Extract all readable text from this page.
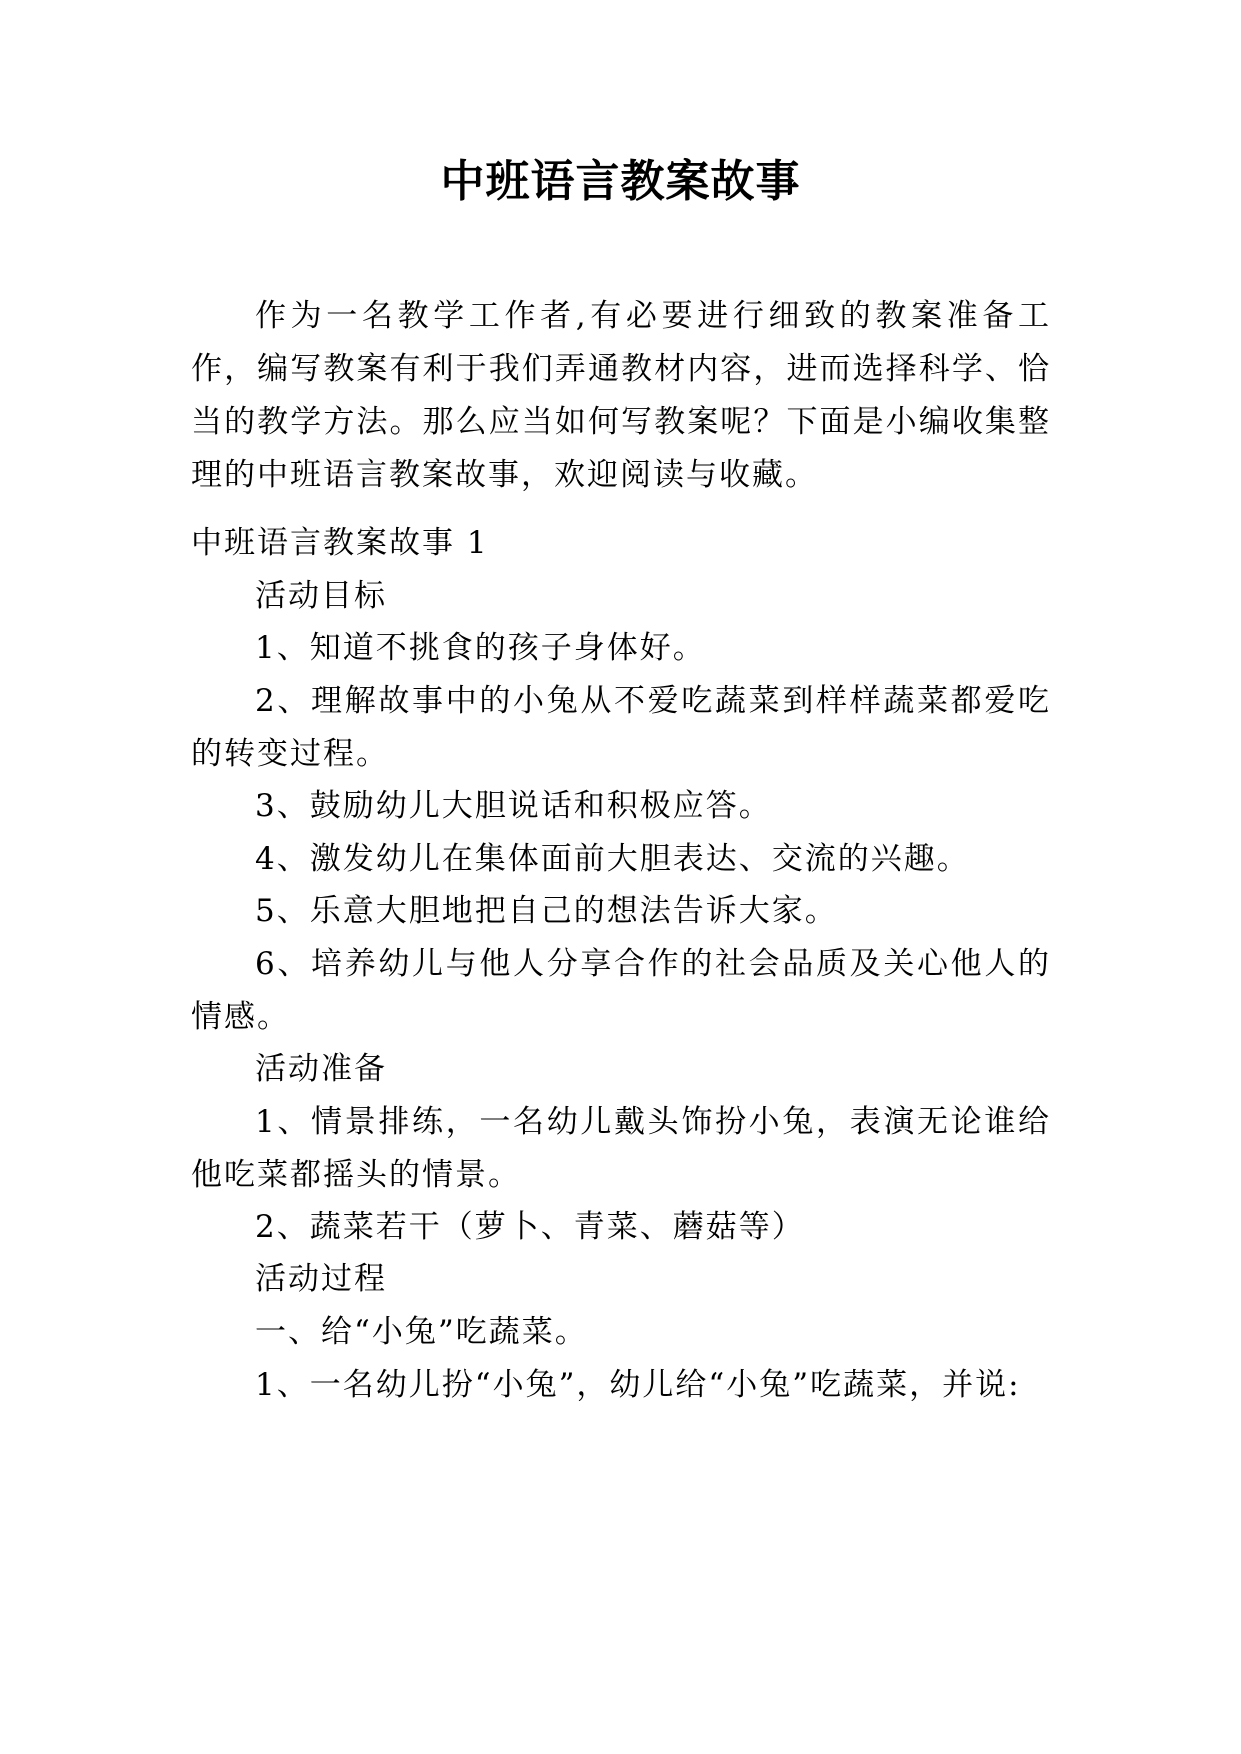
中班语言教案故事

作为一名教学工作者,有必要进行细致的教案准备工作，编写教案有利于我们弄通教材内容，进而选择科学、恰当的教学方法。那么应当如何写教案呢？下面是小编收集整理的中班语言教案故事，欢迎阅读与收藏。

中班语言教案故事 1

活动目标

1、知道不挑食的孩子身体好。

2、理解故事中的小兔从不爱吃蔬菜到样样蔬菜都爱吃的转变过程。

3、鼓励幼儿大胆说话和积极应答。

4、激发幼儿在集体面前大胆表达、交流的兴趣。

5、乐意大胆地把自己的想法告诉大家。

6、培养幼儿与他人分享合作的社会品质及关心他人的情感。

活动准备

1、情景排练，一名幼儿戴头饰扮小兔，表演无论谁给他吃菜都摇头的情景。

2、蔬菜若干（萝卜、青菜、蘑菇等）

活动过程

一、给“小兔”吃蔬菜。

1、一名幼儿扮“小兔”，幼儿给“小兔”吃蔬菜，并说:
